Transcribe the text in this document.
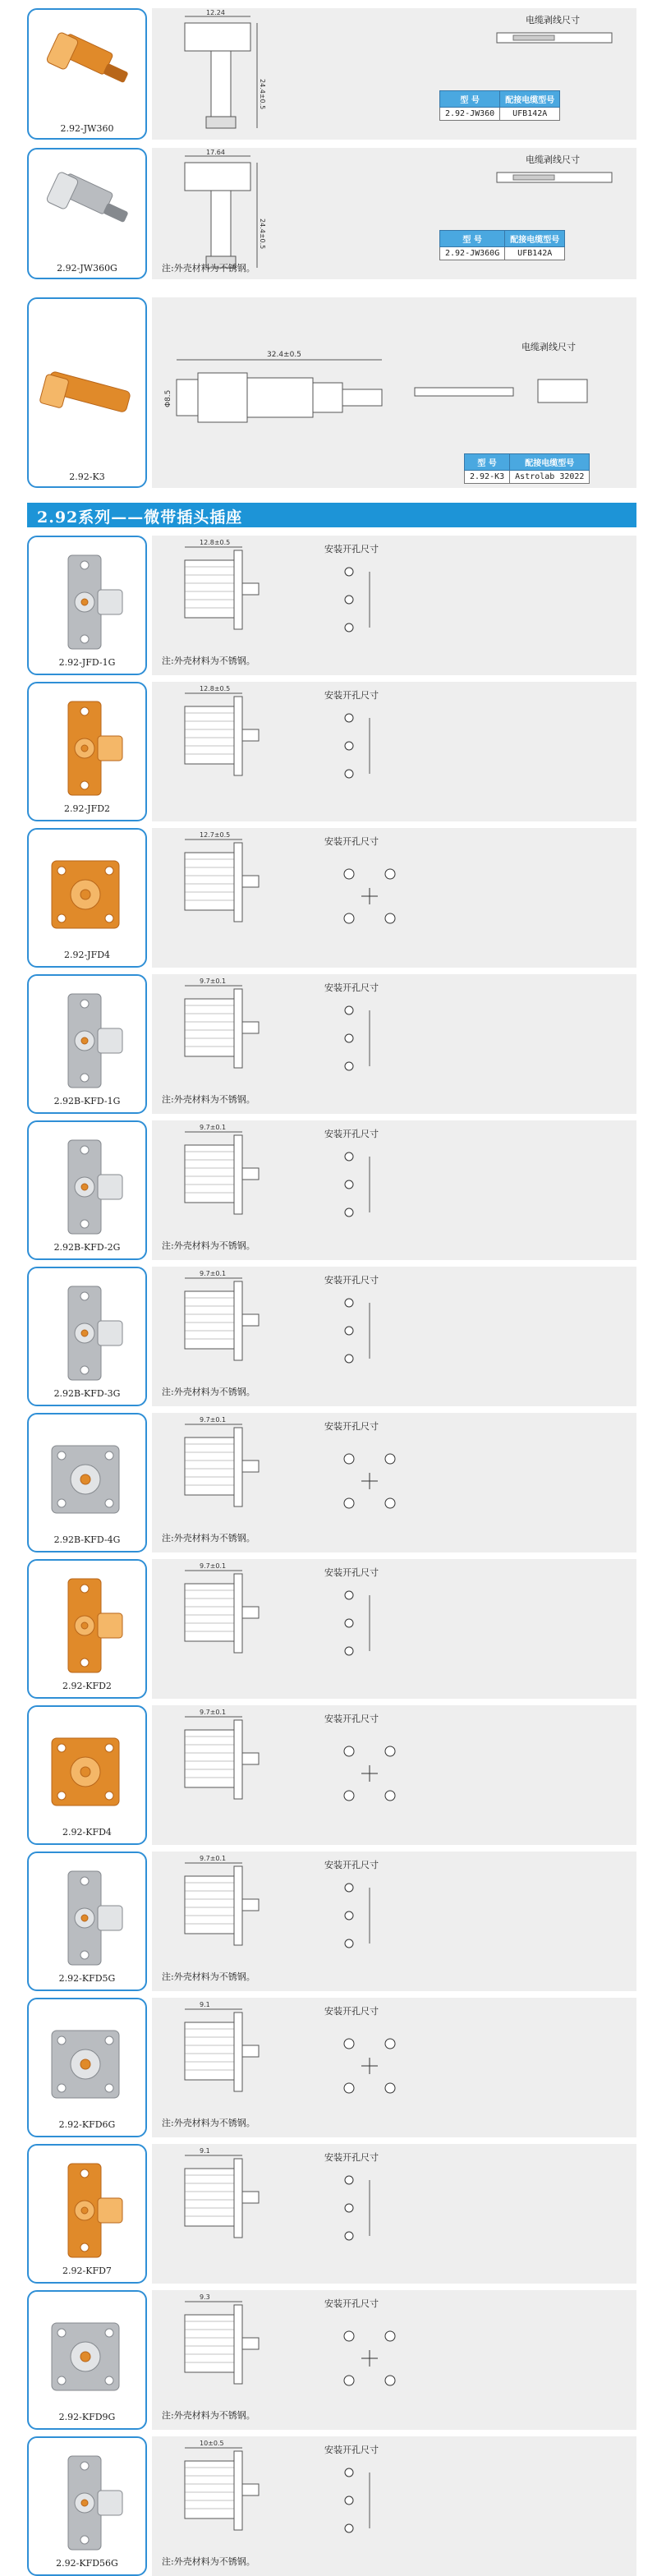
2.92-JW360
12.24
24.4±0.5
电缆剥线尺寸
型 号	配接电缆型号
2.92-JW360	UFB142A
2.92-JW360G
17.64
24.4±0.5
电缆剥线尺寸
型 号	配接电缆型号
2.92-JW360G	UFB142A
注:外壳材料为不锈钢。
2.92-K3
32.4±0.5
Φ8.5
电缆剥线尺寸
型 号	配接电缆型号
2.92-K3	Astrolab 32022
2.92系列——微带插头插座
2.92-JFD-1G
12.8±0.5
安装开孔尺寸
注:外壳材料为不锈钢。
2.92-JFD2
12.8±0.5
安装开孔尺寸
2.92-JFD4
12.7±0.5
安装开孔尺寸
2.92B-KFD-1G
9.7±0.1
安装开孔尺寸
注:外壳材料为不锈钢。
2.92B-KFD-2G
9.7±0.1
安装开孔尺寸
注:外壳材料为不锈钢。
2.92B-KFD-3G
9.7±0.1
安装开孔尺寸
注:外壳材料为不锈钢。
2.92B-KFD-4G
9.7±0.1
安装开孔尺寸
注:外壳材料为不锈钢。
2.92-KFD2
9.7±0.1
安装开孔尺寸
2.92-KFD4
9.7±0.1
安装开孔尺寸
2.92-KFD5G
9.7±0.1
安装开孔尺寸
注:外壳材料为不锈钢。
2.92-KFD6G
9.1
安装开孔尺寸
注:外壳材料为不锈钢。
2.92-KFD7
9.1
安装开孔尺寸
2.92-KFD9G
9.3
安装开孔尺寸
注:外壳材料为不锈钢。
2.92-KFD56G
10±0.5
安装开孔尺寸
注:外壳材料为不锈钢。
